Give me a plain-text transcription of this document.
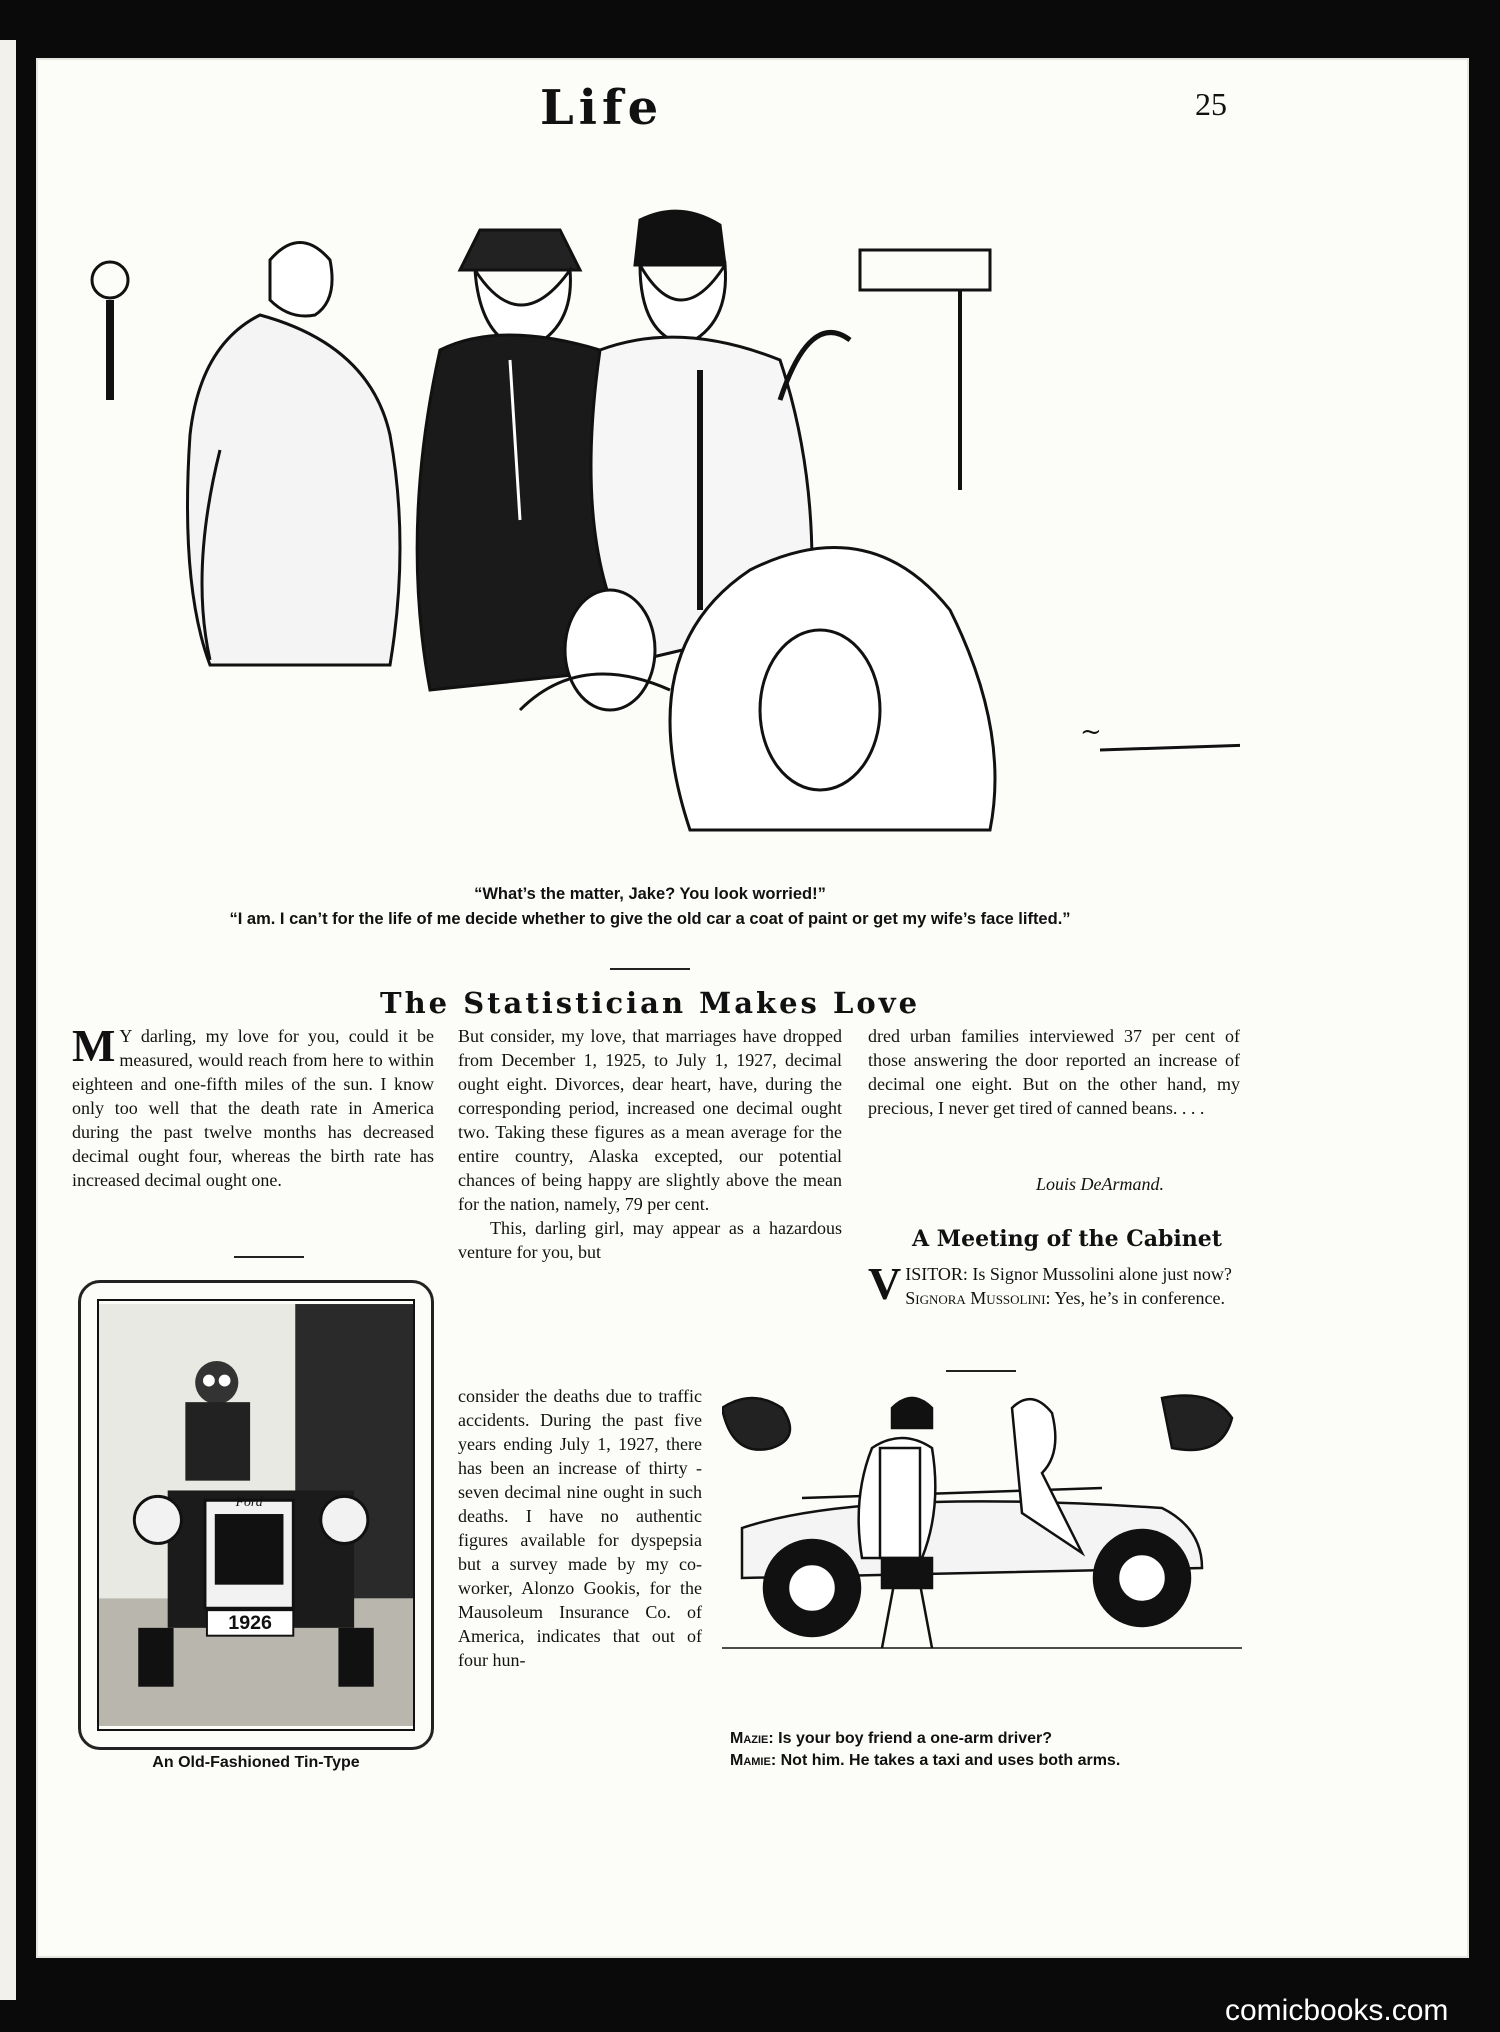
Life	25
~
“What’s the matter, Jake? You look worried!”
“I am. I can’t for the life of me decide whether to give the old car a coat of paint or get my wife’s face lifted.”
The Statistician Makes Love
M Y darling, my love for you, could it be measured, would reach from here to within eighteen and one-fifth miles of the sun. I know only too well that the death rate in America during the past twelve months has decreased decimal ought four, whereas the birth rate has increased decimal ought one.

But consider, my love, that marriages have dropped from December 1, 1925, to July 1, 1927, decimal ought eight. Divorces, dear heart, have, during the corresponding period, increased one decimal ought two. Taking these figures as a mean average for the entire country, Alaska excepted, our potential chances of being happy are slightly above the mean for the nation, namely, 79 per cent.

This, darling girl, may appear as a hazardous venture for you, but

consider the deaths due to traffic accidents. During the past five years ending July 1, 1927, there has been an increase of thirty - seven decimal nine ought in such deaths. I have no authentic figures available for dyspepsia but a survey made by my co-worker, Alonzo Gookis, for the Mausoleum Insurance Co. of America, indicates that out of four hun-

dred urban families interviewed 37 per cent of those answering the door reported an increase of decimal one eight. But on the other hand, my precious, I never get tired of canned beans. . . .

Louis DeArmand.
A Meeting of the Cabinet
V ISITOR: Is Signor Mussolini alone just now?
Signora Mussolini: Yes, he’s in conference.
1926
Ford
An Old-Fashioned Tin-Type
Mazie: Is your boy friend a one-arm driver?
Mamie: Not him. He takes a taxi and uses both arms.
comicbooks.com
